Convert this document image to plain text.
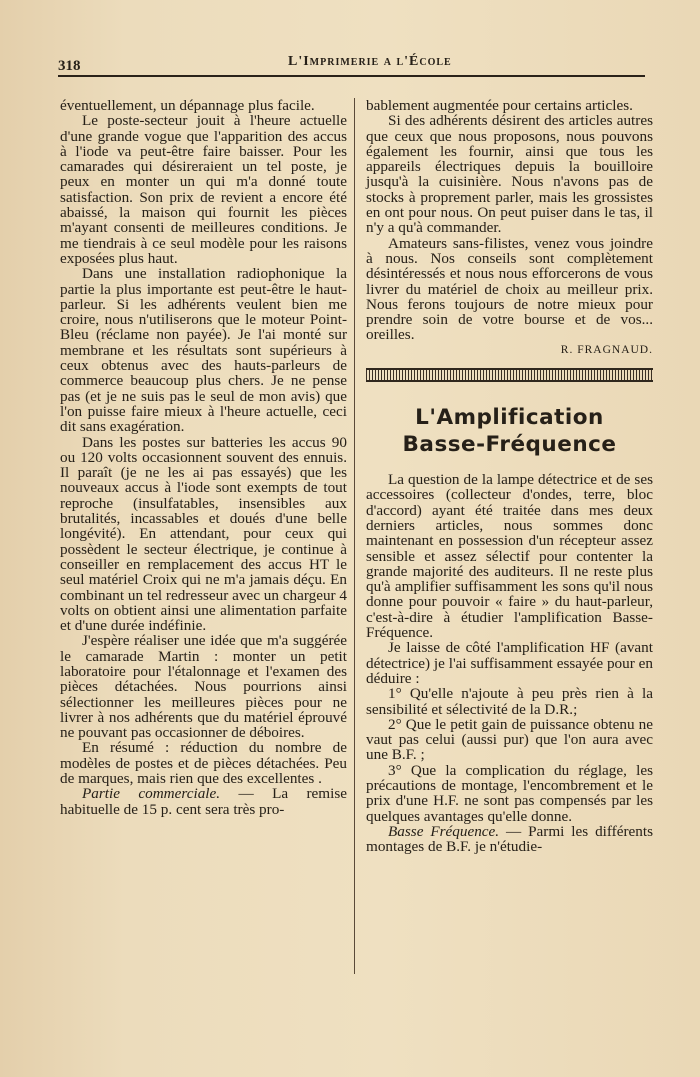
318	L'Imprimerie a l'École

éventuellement, un dépannage plus facile.

Le poste-secteur jouit à l'heure actuelle d'une grande vogue que l'apparition des accus à l'iode va peut-être faire baisser. Pour les camarades qui désireraient un tel poste, je peux en monter un qui m'a donné toute satisfaction. Son prix de revient a encore été abaissé, la maison qui fournit les pièces m'ayant consenti de meilleures conditions. Je me tiendrais à ce seul modèle pour les raisons exposées plus haut.

Dans une installation radiophonique la partie la plus importante est peut-être le haut-parleur. Si les adhérents veulent bien me croire, nous n'utiliserons que le moteur Point-Bleu (réclame non payée). Je l'ai monté sur membrane et les résultats sont supérieurs à ceux obtenus avec des hauts-parleurs de commerce beaucoup plus chers. Je ne pense pas (et je ne suis pas le seul de mon avis) que l'on puisse faire mieux à l'heure actuelle, ceci dit sans exagération.

Dans les postes sur batteries les accus 90 ou 120 volts occasionnent souvent des ennuis. Il paraît (je ne les ai pas essayés) que les nouveaux accus à l'iode sont exempts de tout reproche (insulfatables, insensibles aux brutalités, incassables et doués d'une belle longévité). En attendant, pour ceux qui possèdent le secteur électrique, je continue à conseiller en remplacement des accus HT le seul matériel Croix qui ne m'a jamais déçu. En combinant un tel redresseur avec un chargeur 4 volts on obtient ainsi une alimentation parfaite et d'une durée indéfinie.

J'espère réaliser une idée que m'a suggérée le camarade Martin : monter un petit laboratoire pour l'étalonnage et l'examen des pièces détachées. Nous pourrions ainsi sélectionner les meilleures pièces pour ne livrer à nos adhérents que du matériel éprouvé ne pouvant pas occasionner de déboires.

En résumé : réduction du nombre de modèles de postes et de pièces détachées. Peu de marques, mais rien que des excellentes .

Partie commerciale. — La remise habituelle de 15 p. cent sera très pro-

bablement augmentée pour certains articles.

Si des adhérents désirent des articles autres que ceux que nous proposons, nous pouvons également les fournir, ainsi que tous les appareils électriques depuis la bouilloire jusqu'à la cuisinière. Nous n'avons pas de stocks à proprement parler, mais les grossistes en ont pour nous. On peut puiser dans le tas, il n'y a qu'à commander.

Amateurs sans-filistes, venez vous joindre à nous. Nos conseils sont complètement désintéressés et nous nous efforcerons de vous livrer du matériel de choix au meilleur prix. Nous ferons toujours de notre mieux pour prendre soin de votre bourse et de vos... oreilles.

R. FRAGNAUD.

L'Amplification
Basse-Fréquence

La question de la lampe détectrice et de ses accessoires (collecteur d'ondes, terre, bloc d'accord) ayant été traitée dans mes deux derniers articles, nous sommes donc maintenant en possession d'un récepteur assez sensible et assez sélectif pour contenter la grande majorité des auditeurs. Il ne reste plus qu'à amplifier suffisamment les sons qu'il nous donne pour pouvoir « faire » du haut-parleur, c'est-à-dire à étudier l'amplification Basse-Fréquence.

Je laisse de côté l'amplification HF (avant détectrice) je l'ai suffisamment essayée pour en déduire :

1° Qu'elle n'ajoute à peu près rien à la sensibilité et sélectivité de la D.R.;

2° Que le petit gain de puissance obtenu ne vaut pas celui (aussi pur) que l'on aura avec une B.F. ;

3° Que la complication du réglage, les précautions de montage, l'encombrement et le prix d'une H.F. ne sont pas compensés par les quelques avantages qu'elle donne.

Basse Fréquence. — Parmi les différents montages de B.F. je n'étudie-
